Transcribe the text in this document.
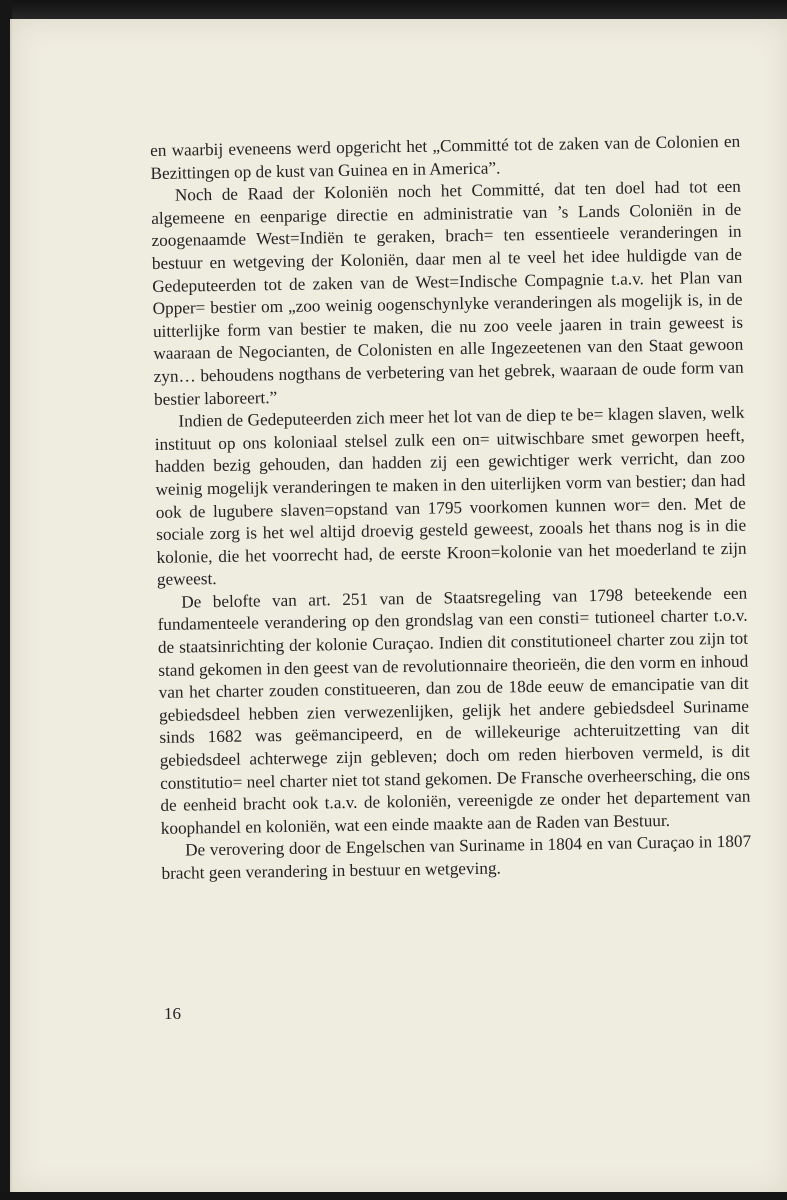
en waarbij eveneens werd opgericht het „Committé tot de zaken van de Colonien en Bezittingen op de kust van Guinea en in America”.

Noch de Raad der Koloniën noch het Committé, dat ten doel had tot een algemeene en eenparige directie en administratie van ’s Lands Coloniën in de zoogenaamde West=Indiën te geraken, brach= ten essentieele veranderingen in bestuur en wetgeving der Koloniën, daar men al te veel het idee huldigde van de Gedeputeerden tot de zaken van de West=Indische Compagnie t.a.v. het Plan van Opper= bestier om „zoo weinig oogenschynlyke veranderingen als mogelijk is, in de uitterlijke form van bestier te maken, die nu zoo veele jaaren in train geweest is waaraan de Negocianten, de Colonisten en alle Ingezeetenen van den Staat gewoon zyn… behoudens nogthans de verbetering van het gebrek, waaraan de oude form van bestier laboreert.”

Indien de Gedeputeerden zich meer het lot van de diep te be= klagen slaven, welk instituut op ons koloniaal stelsel zulk een on= uitwischbare smet geworpen heeft, hadden bezig gehouden, dan hadden zij een gewichtiger werk verricht, dan zoo weinig mogelijk veranderingen te maken in den uiterlijken vorm van bestier; dan had ook de lugubere slaven=opstand van 1795 voorkomen kunnen wor= den. Met de sociale zorg is het wel altijd droevig gesteld geweest, zooals het thans nog is in die kolonie, die het voorrecht had, de eerste Kroon=kolonie van het moederland te zijn geweest.

De belofte van art. 251 van de Staatsregeling van 1798 beteekende een fundamenteele verandering op den grondslag van een consti= tutioneel charter t.o.v. de staatsinrichting der kolonie Curaçao. Indien dit constitutioneel charter zou zijn tot stand gekomen in den geest van de revolutionnaire theorieën, die den vorm en inhoud van het charter zouden constitueeren, dan zou de 18de eeuw de emancipatie van dit gebiedsdeel hebben zien verwezenlijken, gelijk het andere gebiedsdeel Suriname sinds 1682 was geëmancipeerd, en de willekeurige achteruitzetting van dit gebiedsdeel achterwege zijn gebleven; doch om reden hierboven vermeld, is dit constitutio= neel charter niet tot stand gekomen. De Fransche overheersching, die ons de eenheid bracht ook t.a.v. de koloniën, vereenigde ze onder het departement van koophandel en koloniën, wat een einde maakte aan de Raden van Bestuur.

De verovering door de Engelschen van Suriname in 1804 en van Curaçao in 1807 bracht geen verandering in bestuur en wetgeving.

16
